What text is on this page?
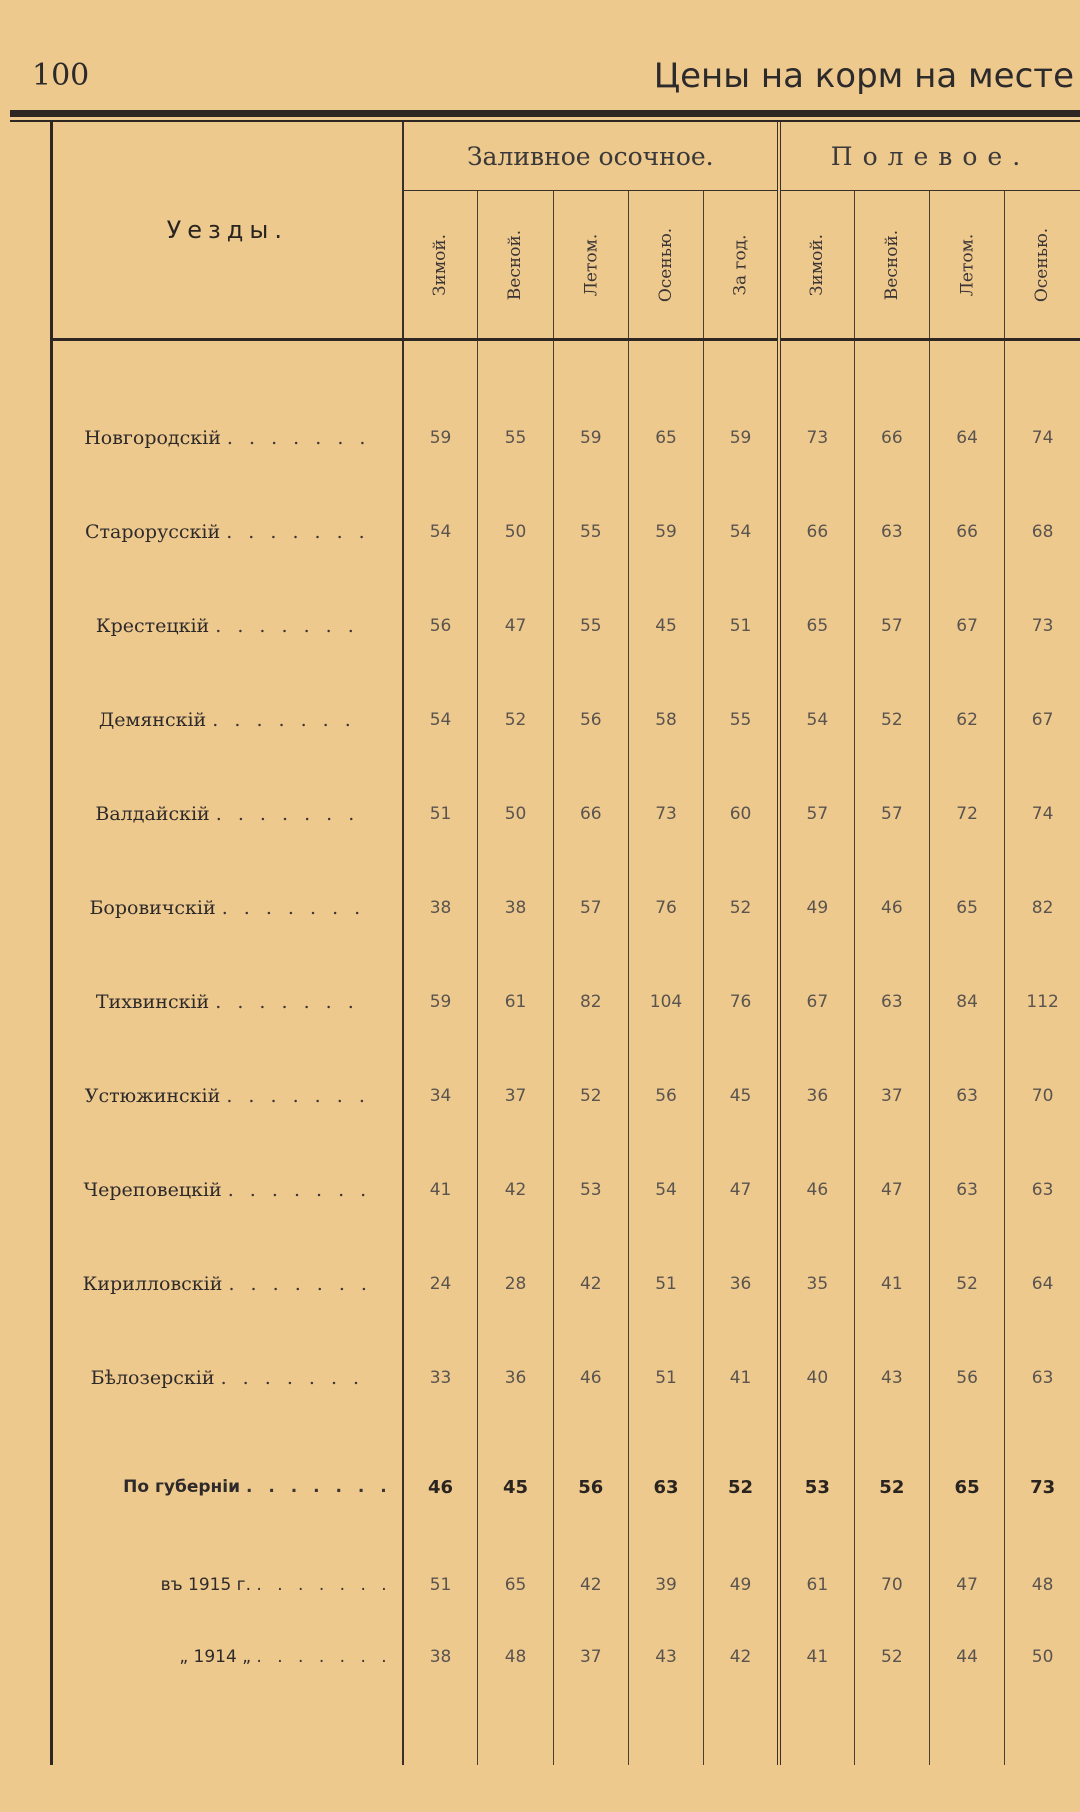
100	Цены на корм на месте
Уезды.	Заливное осочное.					Полевое.			
	Зимой.	Весной.	Летом.	Осенью.	За год.	Зимой.	Весной.	Летом.	Осенью.

Новгородскій . . . . . . .	59	55	59	65	59	73	66	64	74
Старорусскій . . . . . . .	54	50	55	59	54	66	63	66	68
Крестецкій . . . . . . .	56	47	55	45	51	65	57	67	73
Демянскій . . . . . . .	54	52	56	58	55	54	52	62	67
Валдайскій . . . . . . .	51	50	66	73	60	57	57	72	74
Боровичскій . . . . . . .	38	38	57	76	52	49	46	65	82
Тихвинскій . . . . . . .	59	61	82	104	76	67	63	84	112
Устюжинскій . . . . . . .	34	37	52	56	45	36	37	63	70
Череповецкій . . . . . . .	41	42	53	54	47	46	47	63	63
Кирилловскій . . . . . . .	24	28	42	51	36	35	41	52	64
Бѣлозерскій . . . . . . .	33	36	46	51	41	40	43	56	63
По губерніи . . . . . . .	46	45	56	63	52	53	52	65	73
въ 1915 г. . . . . . . .	51	65	42	39	49	61	70	47	48
„ 1914 „ . . . . . . .	38	48	37	43	42	41	52	44	50
